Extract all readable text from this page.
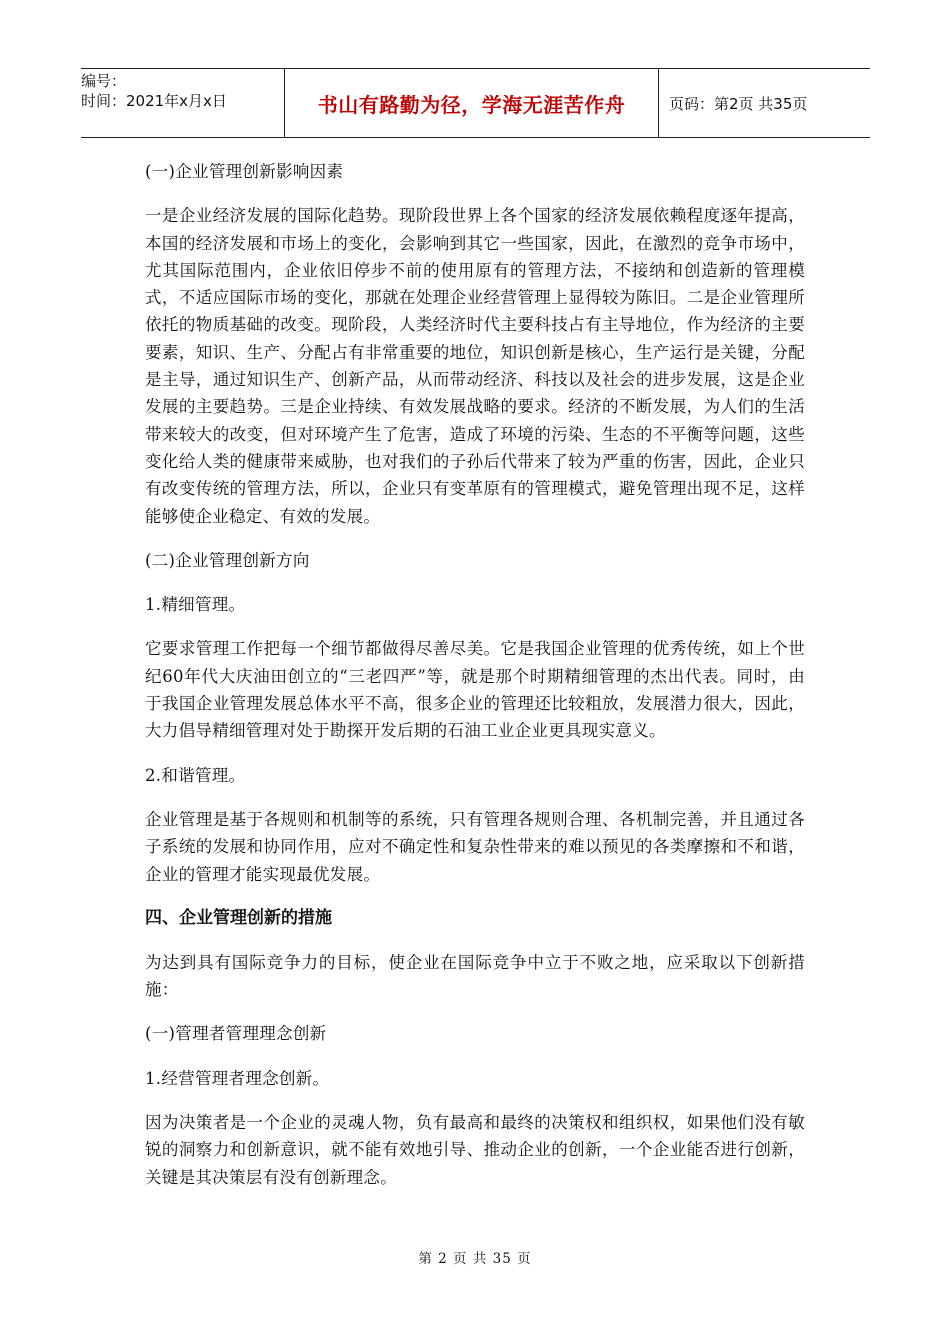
编号：
时间：2021年x月x日	书山有路勤为径，学海无涯苦作舟	页码：第2页 共35页

(一)企业管理创新影响因素

一是企业经济发展的国际化趋势。现阶段世界上各个国家的经济发展依赖程度逐年提高，本国的经济发展和市场上的变化，会影响到其它一些国家，因此，在激烈的竞争市场中，尤其国际范围内，企业依旧停步不前的使用原有的管理方法，不接纳和创造新的管理模式，不适应国际市场的变化，那就在处理企业经营管理上显得较为陈旧。二是企业管理所依托的物质基础的改变。现阶段，人类经济时代主要科技占有主导地位，作为经济的主要要素，知识、生产、分配占有非常重要的地位，知识创新是核心，生产运行是关键，分配是主导，通过知识生产、创新产品，从而带动经济、科技以及社会的进步发展，这是企业发展的主要趋势。三是企业持续、有效发展战略的要求。经济的不断发展，为人们的生活带来较大的改变，但对环境产生了危害，造成了环境的污染、生态的不平衡等问题，这些变化给人类的健康带来威胁，也对我们的子孙后代带来了较为严重的伤害，因此，企业只有改变传统的管理方法，所以，企业只有变革原有的管理模式，避免管理出现不足，这样能够使企业稳定、有效的发展。

(二)企业管理创新方向

1.精细管理。

它要求管理工作把每一个细节都做得尽善尽美。它是我国企业管理的优秀传统，如上个世纪60年代大庆油田创立的“三老四严”等，就是那个时期精细管理的杰出代表。同时，由于我国企业管理发展总体水平不高，很多企业的管理还比较粗放，发展潜力很大，因此，大力倡导精细管理对处于勘探开发后期的石油工业企业更具现实意义。

2.和谐管理。

企业管理是基于各规则和机制等的系统，只有管理各规则合理、各机制完善，并且通过各子系统的发展和协同作用，应对不确定性和复杂性带来的难以预见的各类摩擦和不和谐，企业的管理才能实现最优发展。

四、企业管理创新的措施

为达到具有国际竞争力的目标，使企业在国际竞争中立于不败之地，应采取以下创新措施：

(一)管理者管理理念创新

1.经营管理者理念创新。

因为决策者是一个企业的灵魂人物，负有最高和最终的决策权和组织权，如果他们没有敏锐的洞察力和创新意识，就不能有效地引导、推动企业的创新，一个企业能否进行创新，关键是其决策层有没有创新理念。

第 2 页 共 35 页
